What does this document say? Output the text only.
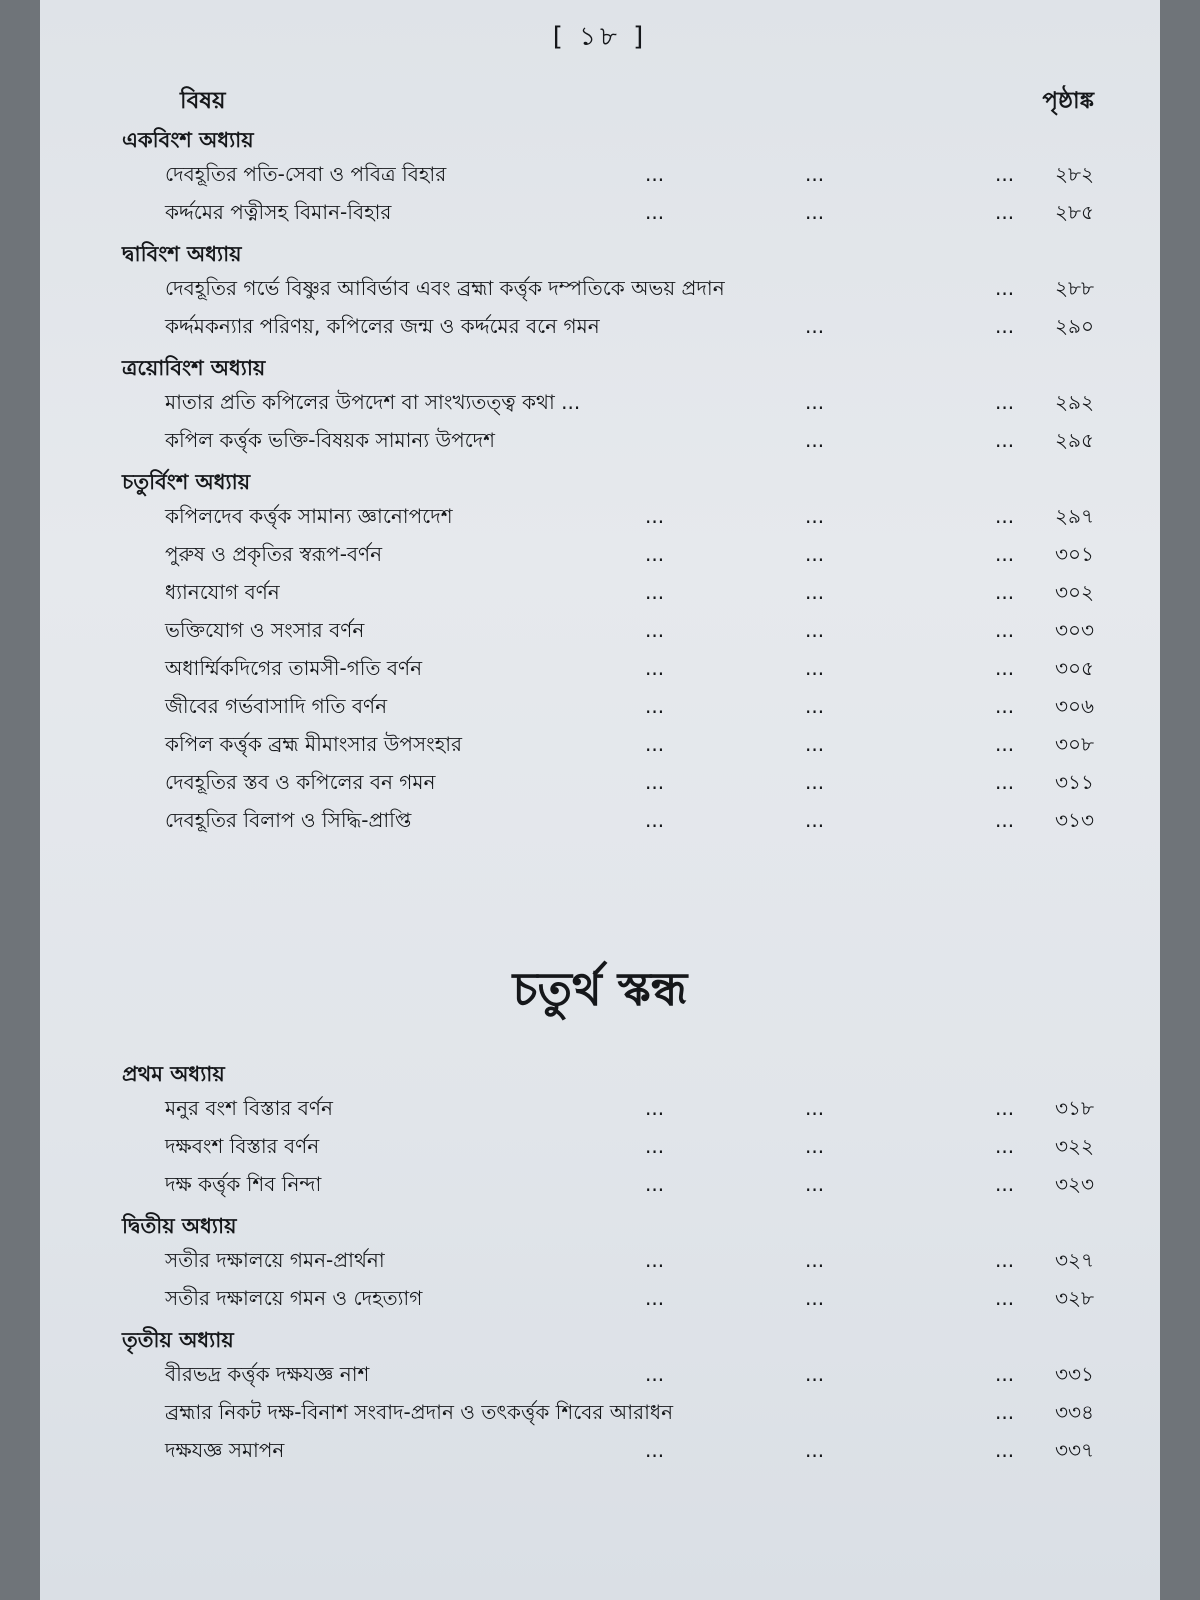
[ ১৮ ]
বিষয়	পৃষ্ঠাঙ্ক
একবিংশ অধ্যায়
দেবহূতির পতি-সেবা ও পবিত্র বিহার	...	...	... ২৮২
কর্দ্দমের পত্নীসহ বিমান-বিহার	...	...	... ২৮৫
দ্বাবিংশ অধ্যায়
দেবহূতির গর্ভে বিষ্ণুর আবির্ভাব এবং ব্রহ্মা কর্ত্তৃক দম্পতিকে অভয় প্রদান	... ২৮৮
কর্দ্দমকন্যার পরিণয়, কপিলের জন্ম ও কর্দ্দমের বনে গমন	...	... ২৯০
ত্রয়োবিংশ অধ্যায়
মাতার প্রতি কপিলের উপদেশ বা সাংখ্যতত্ত্ব কথা ...	...	... ২৯২
কপিল কর্ত্তৃক ভক্তি-বিষয়ক সামান্য উপদেশ	...	... ২৯৫
চতুর্বিংশ অধ্যায়
কপিলদেব কর্ত্তৃক সামান্য জ্ঞানোপদেশ	...	...	... ২৯৭
পুরুষ ও প্রকৃতির স্বরূপ-বর্ণন	...	...	... ৩০১
ধ্যানযোগ বর্ণন	...	...	... ৩০২
ভক্তিযোগ ও সংসার বর্ণন	...	...	... ৩০৩
অধার্ম্মিকদিগের তামসী-গতি বর্ণন	...	...	... ৩০৫
জীবের গর্ভবাসাদি গতি বর্ণন	...	...	... ৩০৬
কপিল কর্ত্তৃক ব্রহ্ম মীমাংসার উপসংহার	...	...	... ৩০৮
দেবহূতির স্তব ও কপিলের বন গমন	...	...	... ৩১১
দেবহূতির বিলাপ ও সিদ্ধি-প্রাপ্তি	...	...	... ৩১৩
চতুর্থ স্কন্ধ
প্রথম অধ্যায়
মনুর বংশ বিস্তার বর্ণন	...	...	... ৩১৮
দক্ষবংশ বিস্তার বর্ণন	...	...	... ৩২২
দক্ষ কর্ত্তৃক শিব নিন্দা	...	...	... ৩২৩
দ্বিতীয় অধ্যায়
সতীর দক্ষালয়ে গমন-প্রার্থনা	...	...	... ৩২৭
সতীর দক্ষালয়ে গমন ও দেহত্যাগ	...	...	... ৩২৮
তৃতীয় অধ্যায়
বীরভদ্র কর্ত্তৃক দক্ষযজ্ঞ নাশ	...	...	... ৩৩১
ব্রহ্মার নিকট দক্ষ-বিনাশ সংবাদ-প্রদান ও তৎকর্ত্তৃক শিবের আরাধন	... ৩৩৪
দক্ষযজ্ঞ সমাপন	...	...	... ৩৩৭
